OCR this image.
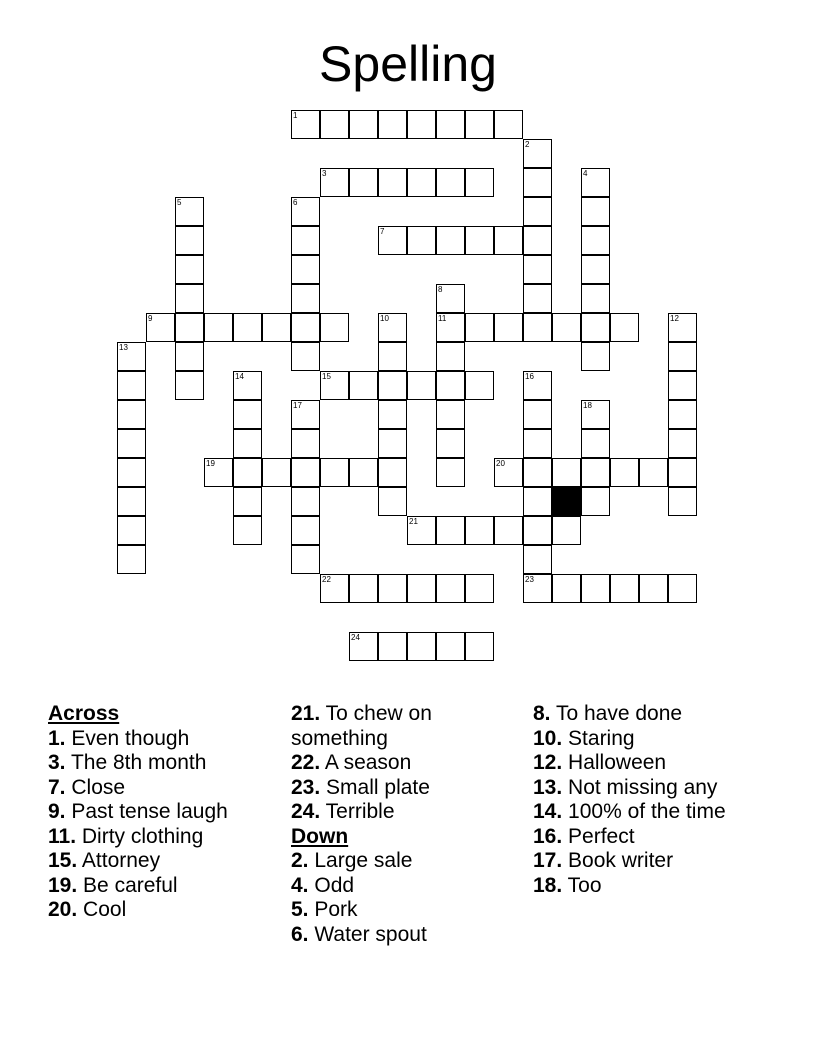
Spelling
1
2
3	4
5	6
7
8
9	10	11	12
13
14	15	16
17	18
19	20
21
22	23
24
Across
1. Even though
3. The 8th month
7. Close
9. Past tense laugh
11. Dirty clothing
15. Attorney
19. Be careful
20. Cool
21. To chew on something
22. A season
23. Small plate
24. Terrible
Down
2. Large sale
4. Odd
5. Pork
6. Water spout
8. To have done
10. Staring
12. Halloween
13. Not missing any
14. 100% of the time
16. Perfect
17. Book writer
18. Too
